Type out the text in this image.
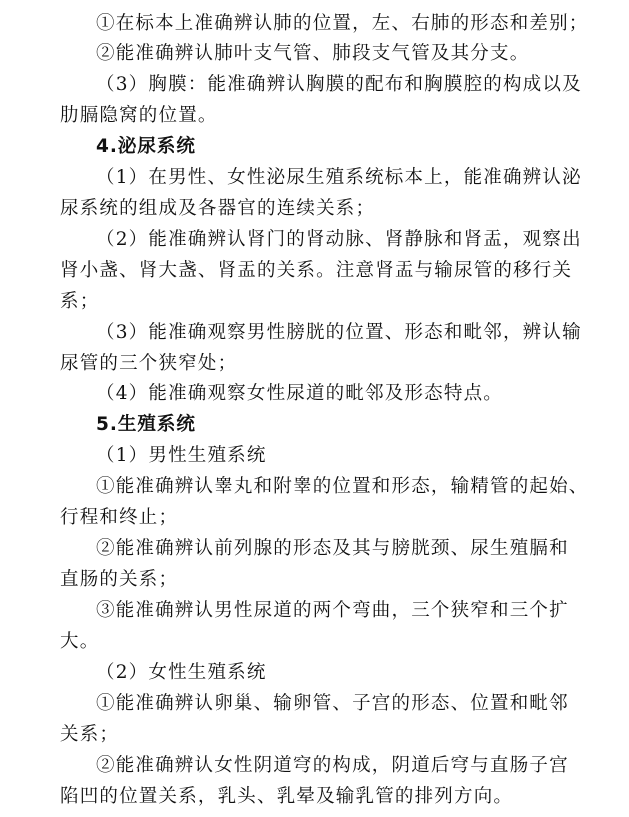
①在标本上准确辨认肺的位置，左、右肺的形态和差别；
②能准确辨认肺叶支气管、肺段支气管及其分支。
（3）胸膜：能准确辨认胸膜的配布和胸膜腔的构成以及
肋膈隐窝的位置。
4.泌尿系统
（1）在男性、女性泌尿生殖系统标本上，能准确辨认泌
尿系统的组成及各器官的连续关系；
（2）能准确辨认肾门的肾动脉、肾静脉和肾盂，观察出
肾小盏、肾大盏、肾盂的关系。注意肾盂与输尿管的移行关
系；
（3）能准确观察男性膀胱的位置、形态和毗邻，辨认输
尿管的三个狭窄处；
（4）能准确观察女性尿道的毗邻及形态特点。
5.生殖系统
（1）男性生殖系统
①能准确辨认睾丸和附睾的位置和形态，输精管的起始、
行程和终止；
②能准确辨认前列腺的形态及其与膀胱颈、尿生殖膈和
直肠的关系；
③能准确辨认男性尿道的两个弯曲，三个狭窄和三个扩
大。
（2）女性生殖系统
①能准确辨认卵巢、输卵管、子宫的形态、位置和毗邻
关系；
②能准确辨认女性阴道穹的构成，阴道后穹与直肠子宫
陷凹的位置关系，乳头、乳晕及输乳管的排列方向。
